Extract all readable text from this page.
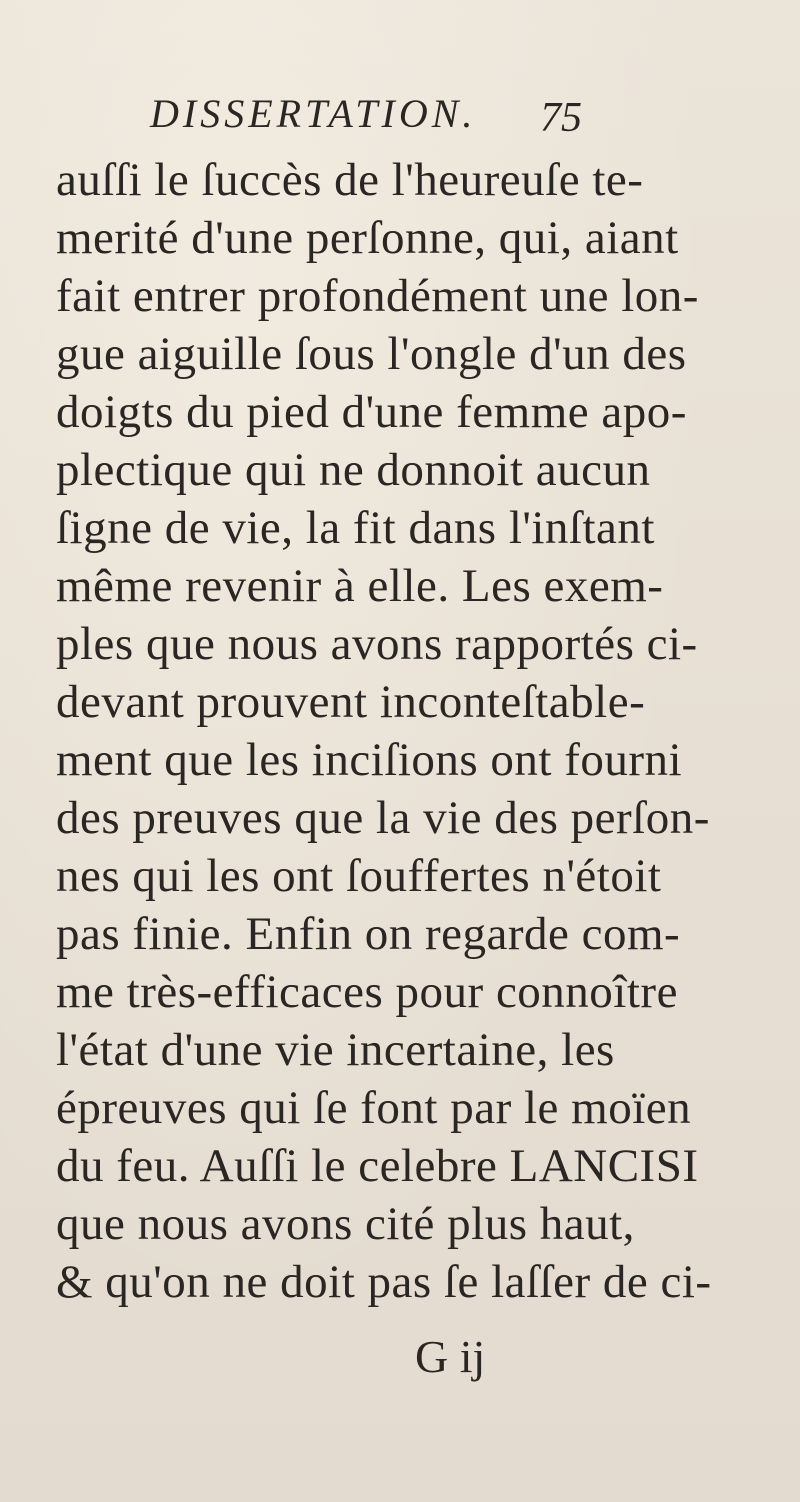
DISSERTATION. 75
auſſi le ſuccès de l'heureuſe te-
merité d'une perſonne, qui, aiant
fait entrer profondément une lon-
gue aiguille ſous l'ongle d'un des
doigts du pied d'une femme apo-
plectique qui ne donnoit aucun
ſigne de vie, la fit dans l'inſtant
même revenir à elle. Les exem-
ples que nous avons rapportés ci-
devant prouvent inconteſtable-
ment que les inciſions ont fourni
des preuves que la vie des perſon-
nes qui les ont ſouffertes n'étoit
pas finie. Enfin on regarde com-
me très-efficaces pour connoître
l'état d'une vie incertaine, les
épreuves qui ſe font par le moïen
du feu. Auſſi le celebre LANCISI
que nous avons cité plus haut,
& qu'on ne doit pas ſe laſſer de ci-
G ij
